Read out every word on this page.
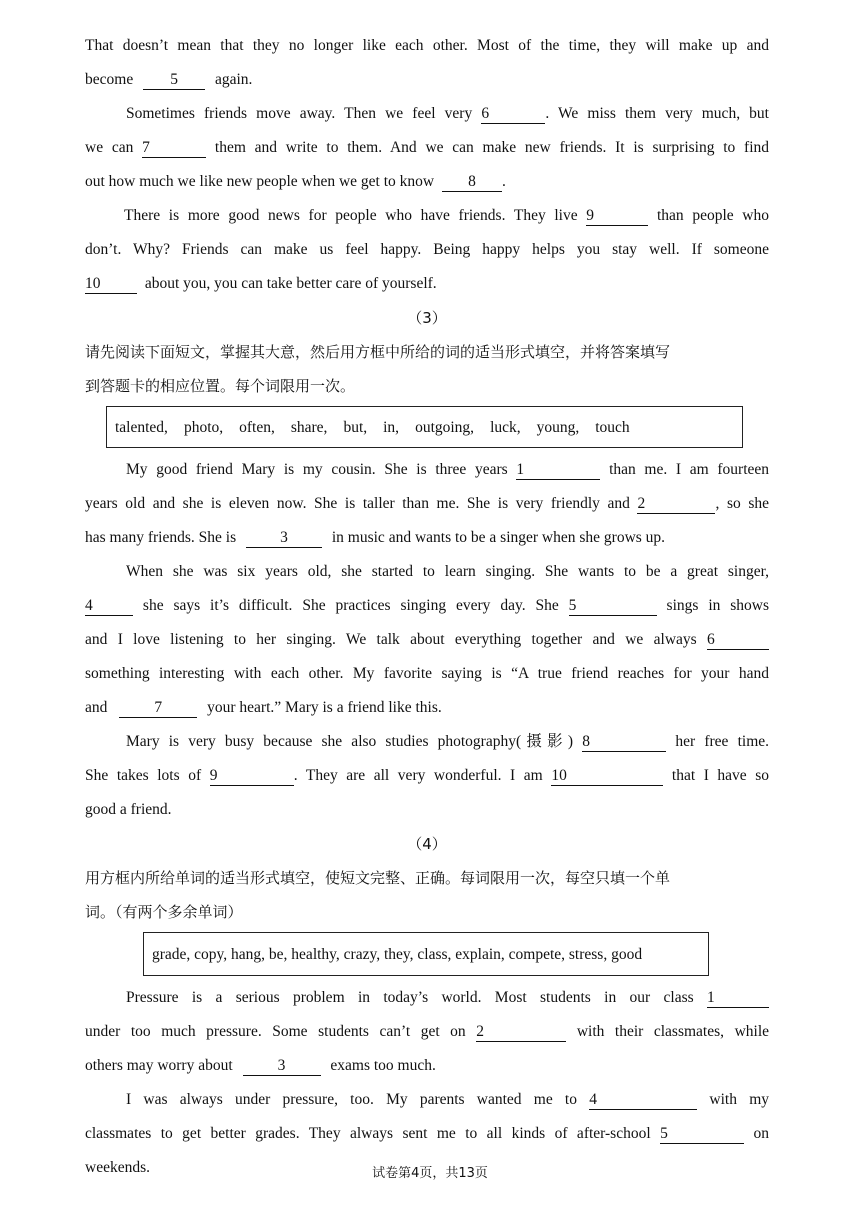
That doesn’t mean that they no longer like each other. Most of the time, they will make up and
become 5 again.
Sometimes friends move away. Then we feel very 6	. We miss them very much, but
we can 7	them and write to them. And we can make new friends. It is surprising to find
out how much we like new people when we get to know 8 .
There is more good news for people who have friends. They live 9	than people who
don’t. Why? Friends can make us feel happy. Being happy helps you stay well. If someone
10	about you, you can take better care of yourself.
（3）
请先阅读下面短文，掌握其大意，然后用方框中所给的词的适当形式填空，并将答案填写
到答题卡的相应位置。每个词限用一次。
talented, photo, often, share, but, in, outgoing, luck, young, touch
My good friend Mary is my cousin. She is three years 1	than me. I am fourteen
years old and she is eleven now. She is taller than me. She is very friendly and 2	, so she
has many friends. She is	3	in music and wants to be a singer when she grows up.
When she was six years old, she started to learn singing. She wants to be a great singer,
4	she says it’s difficult. She practices singing every day. She 5	sings in shows
and I love listening to her singing. We talk about everything together and we always 6
something interesting with each other. My favorite saying is “A true friend reaches for your hand
and	7	your heart.” Mary is a friend like this.
Mary is very busy because she also studies photography(摄影) 8	her free time.
She takes lots of 9	. They are all very wonderful. I am 10	that I have so
good a friend.
（4）
用方框内所给单词的适当形式填空，使短文完整、正确。每词限用一次，每空只填一个单
词。（有两个多余单词）
grade, copy, hang, be, healthy, crazy, they, class, explain, compete, stress, good
Pressure is a serious problem in today’s world. Most students in our class 1
under too much pressure. Some students can’t get on 2	with their classmates, while
others may worry about	3	exams too much.
I was always under pressure, too. My parents wanted me to 4	with my
classmates to get better grades. They always sent me to all kinds of after-school 5	on
weekends.	试卷第4页，共13页
